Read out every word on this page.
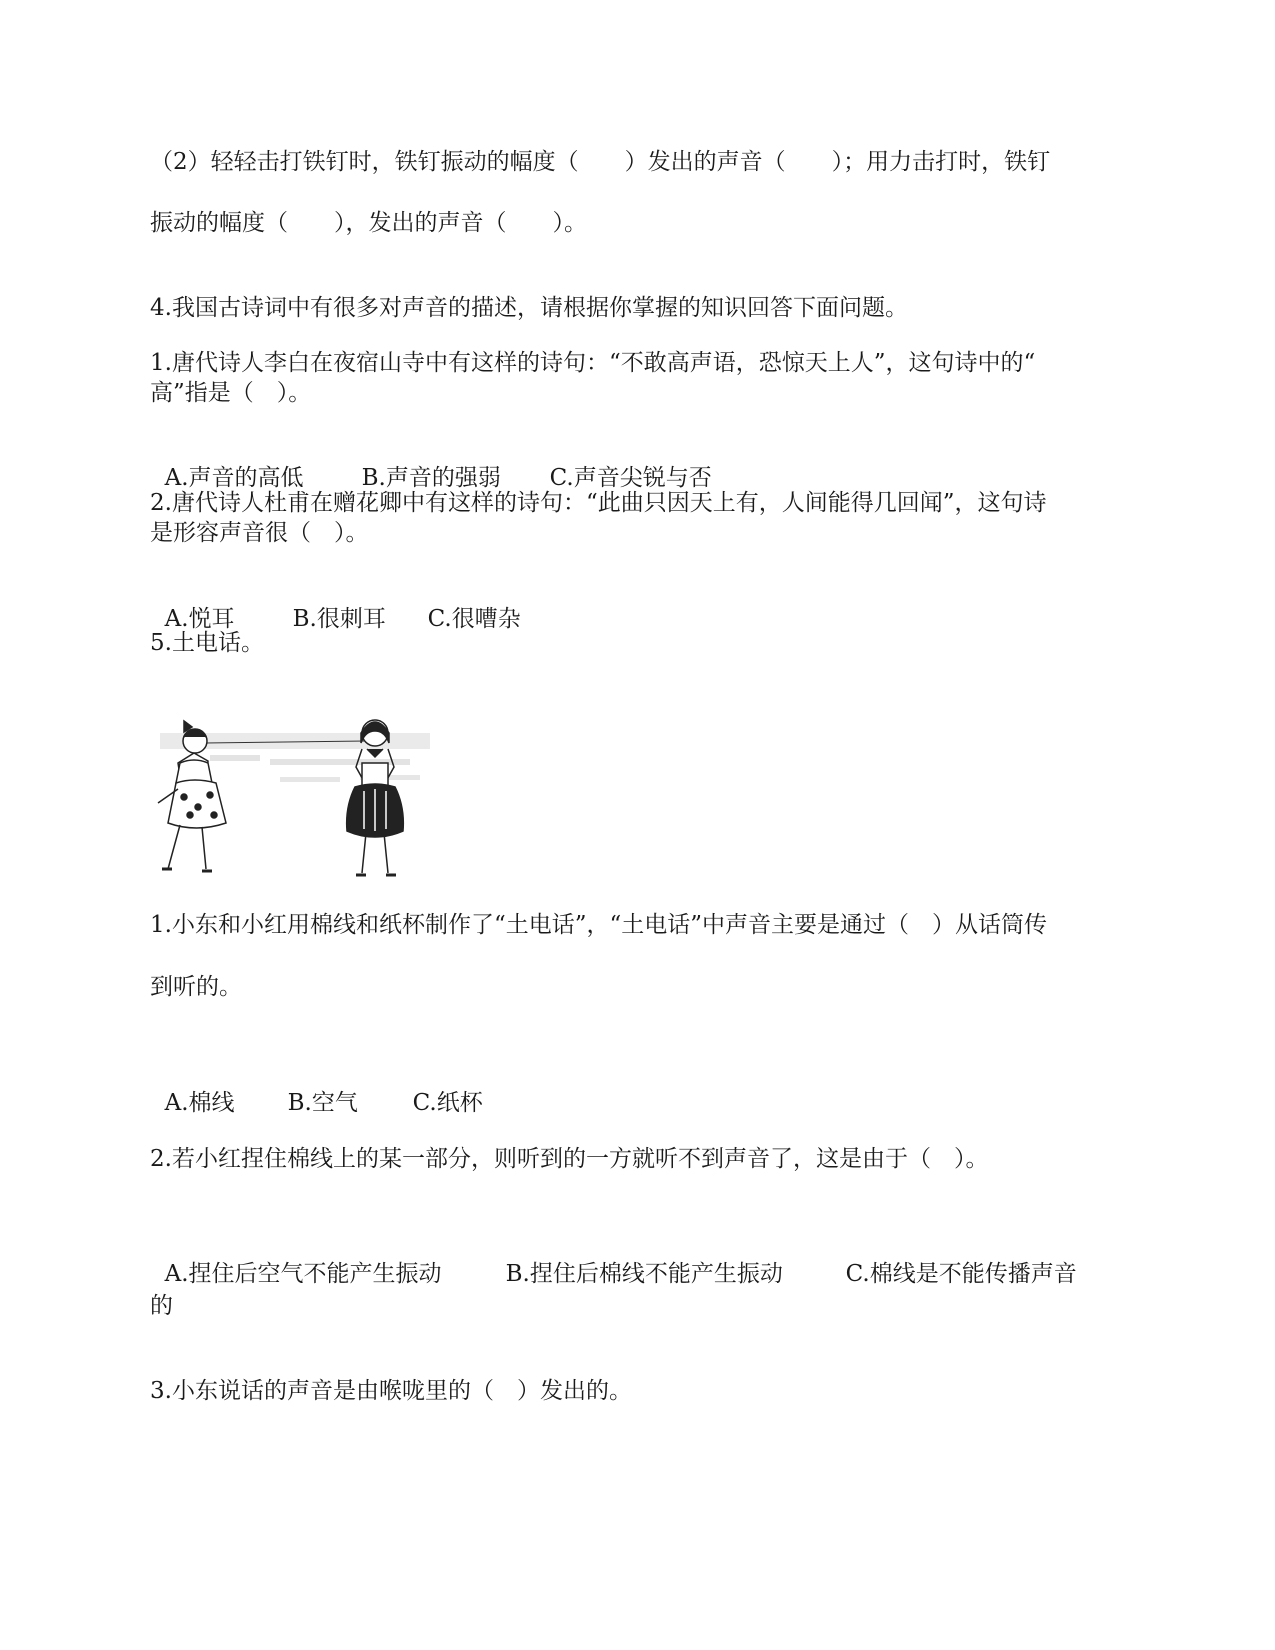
（2）轻轻击打铁钉时，铁钉振动的幅度（　　）发出的声音（　　）；用力击打时，铁钉
振动的幅度（　　），发出的声音（　　）。
4.我国古诗词中有很多对声音的描述，请根据你掌握的知识回答下面问题。
1.唐代诗人李白在夜宿山寺中有这样的诗句：“不敢高声语，恐惊天上人”，这句诗中的“
高”指是（　）。

A.声音的高低	B.声音的强弱 C.声音尖锐与否

2.唐代诗人杜甫在赠花卿中有这样的诗句：“此曲只因天上有，人间能得几回闻”，这句诗
是形容声音很（　）。

A.悦耳	B.很刺耳 C.很嘈杂

5.土电话。
1.小东和小红用棉线和纸杯制作了“土电话”，“土电话”中声音主要是通过（　）从话筒传
到听的。

A.棉线 B.空气 C.纸杯

2.若小红捏住棉线上的某一部分，则听到的一方就听不到声音了，这是由于（　）。

A.捏住后空气不能产生振动	B.捏住后棉线不能产生振动	C.棉线是不能传播声音

的
3.小东说话的声音是由喉咙里的（　）发出的。
